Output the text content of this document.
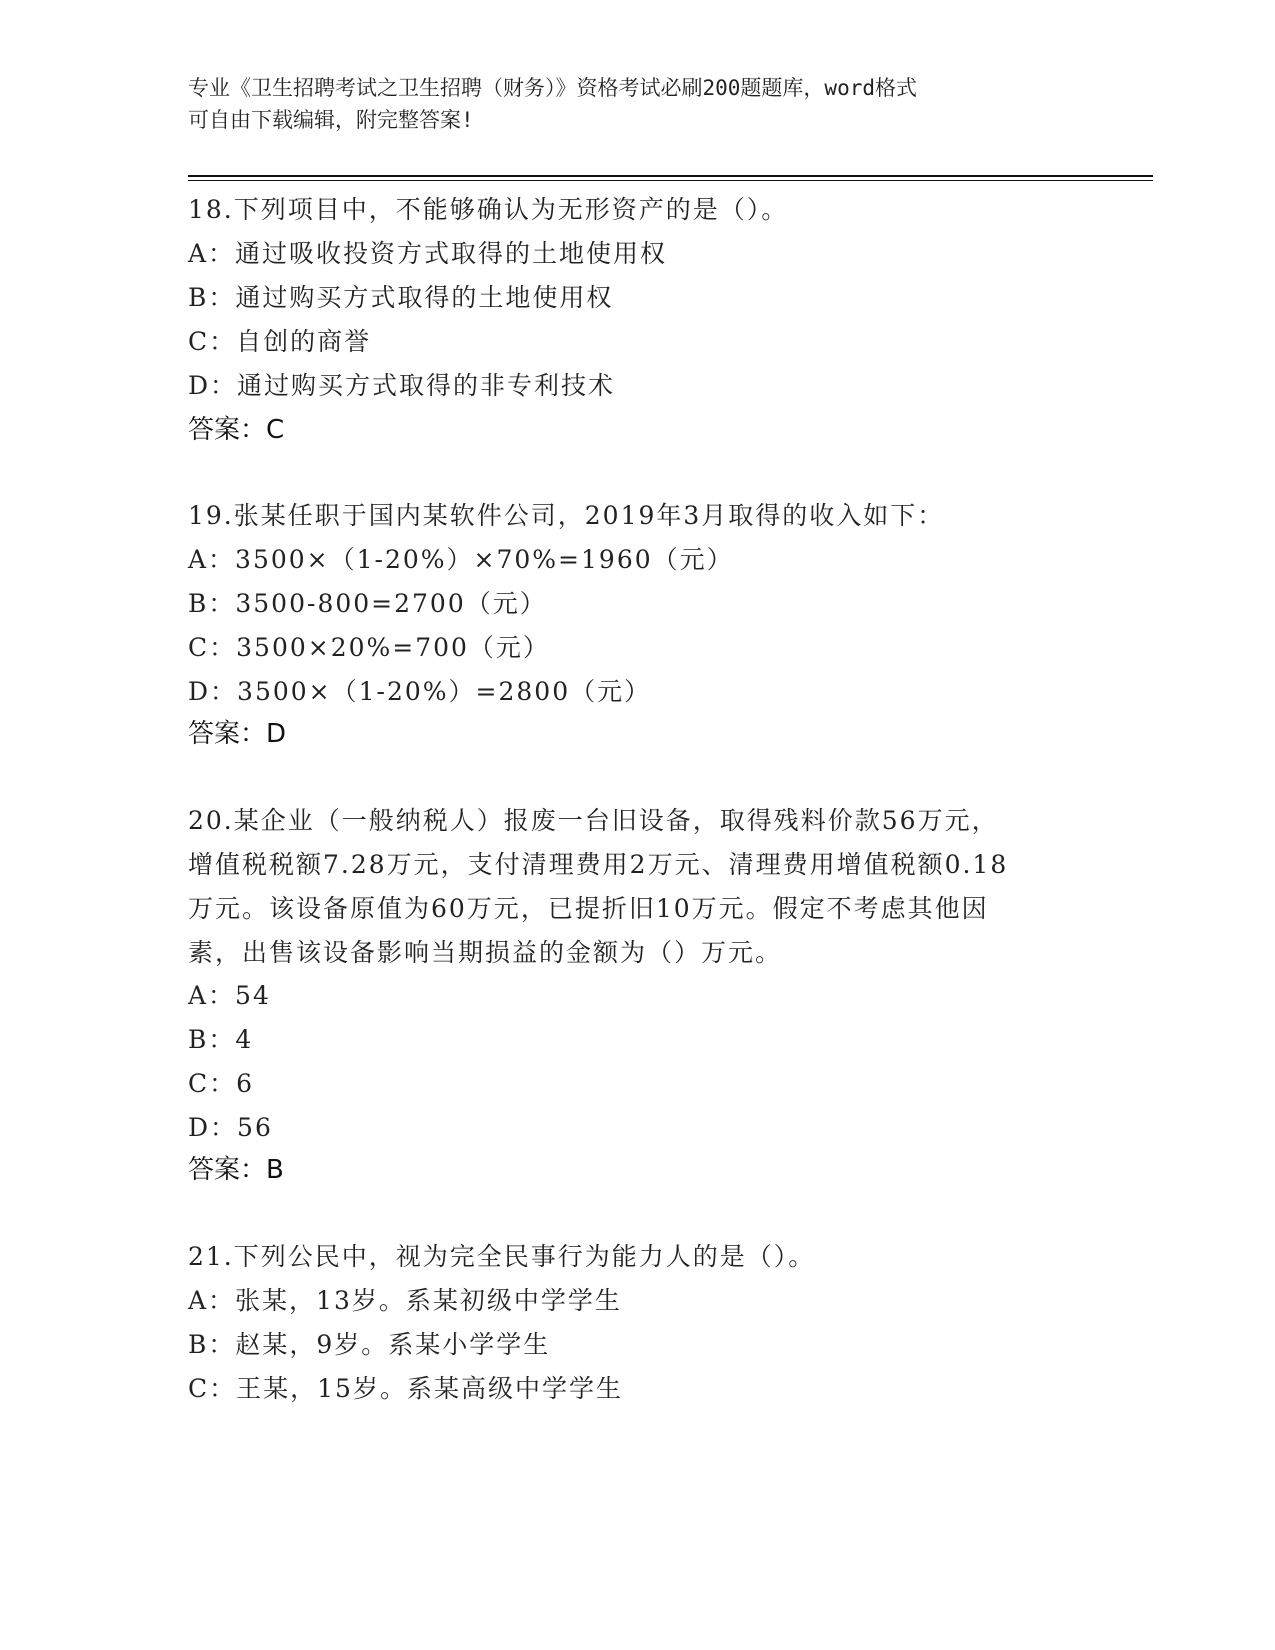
专业《卫生招聘考试之卫生招聘（财务）》资格考试必刷200题题库，word格式
可自由下载编辑，附完整答案!
18.下列项目中，不能够确认为无形资产的是（）。
A：通过吸收投资方式取得的土地使用权
B：通过购买方式取得的土地使用权
C：自创的商誉
D：通过购买方式取得的非专利技术
答案：C
19.张某任职于国内某软件公司，2019年3月取得的收入如下：
A：3500×（1-20%）×70%=1960（元）
B：3500-800=2700（元）
C：3500×20%=700（元）
D：3500×（1-20%）=2800（元）
答案：D
20.某企业（一般纳税人）报废一台旧设备，取得残料价款56万元，
增值税税额7.28万元，支付清理费用2万元、清理费用增值税额0.18
万元。该设备原值为60万元，已提折旧10万元。假定不考虑其他因
素，出售该设备影响当期损益的金额为（）万元。
A：54
B：4
C：6
D：56
答案：B
21.下列公民中，视为完全民事行为能力人的是（）。
A：张某，13岁。系某初级中学学生
B：赵某，9岁。系某小学学生
C：王某，15岁。系某高级中学学生
